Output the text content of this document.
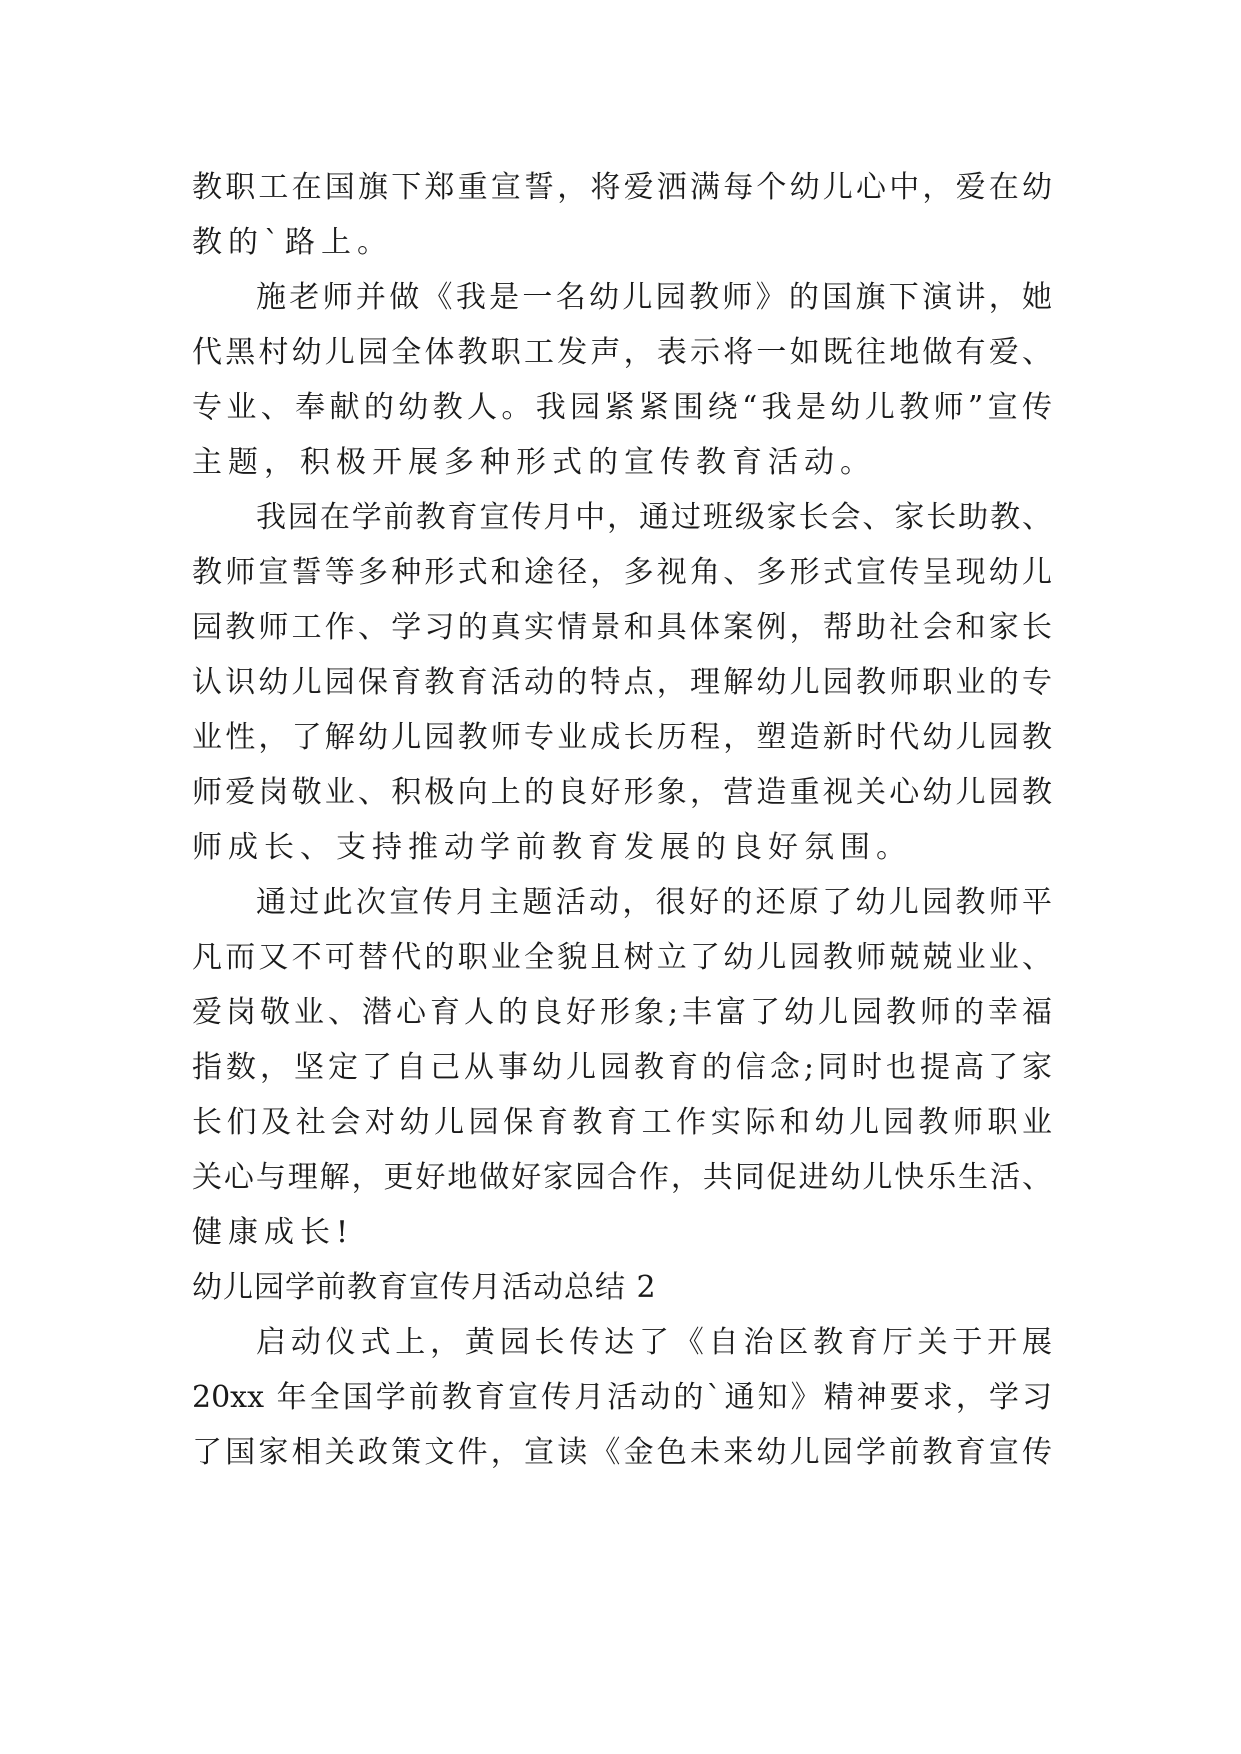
教职工在国旗下郑重宣誓，将爱洒满每个幼儿心中，爱在幼
教的`路上。
施老师并做《我是一名幼儿园教师》的国旗下演讲，她
代黑村幼儿园全体教职工发声，表示将一如既往地做有爱、
专业、奉献的幼教人。我园紧紧围绕“我是幼儿教师”宣传
主题，积极开展多种形式的宣传教育活动。
我园在学前教育宣传月中，通过班级家长会、家长助教、
教师宣誓等多种形式和途径，多视角、多形式宣传呈现幼儿
园教师工作、学习的真实情景和具体案例，帮助社会和家长
认识幼儿园保育教育活动的特点，理解幼儿园教师职业的专
业性，了解幼儿园教师专业成长历程，塑造新时代幼儿园教
师爱岗敬业、积极向上的良好形象，营造重视关心幼儿园教
师成长、支持推动学前教育发展的良好氛围。
通过此次宣传月主题活动，很好的还原了幼儿园教师平
凡而又不可替代的职业全貌且树立了幼儿园教师兢兢业业、
爱岗敬业、潜心育人的良好形象;丰富了幼儿园教师的幸福
指数，坚定了自己从事幼儿园教育的信念;同时也提高了家
长们及社会对幼儿园保育教育工作实际和幼儿园教师职业
关心与理解，更好地做好家园合作，共同促进幼儿快乐生活、
健康成长!
幼儿园学前教育宣传月活动总结 2
启动仪式上，黄园长传达了《自治区教育厅关于开展
20xx 年全国学前教育宣传月活动的`通知》精神要求，学习
了国家相关政策文件，宣读《金色未来幼儿园学前教育宣传
